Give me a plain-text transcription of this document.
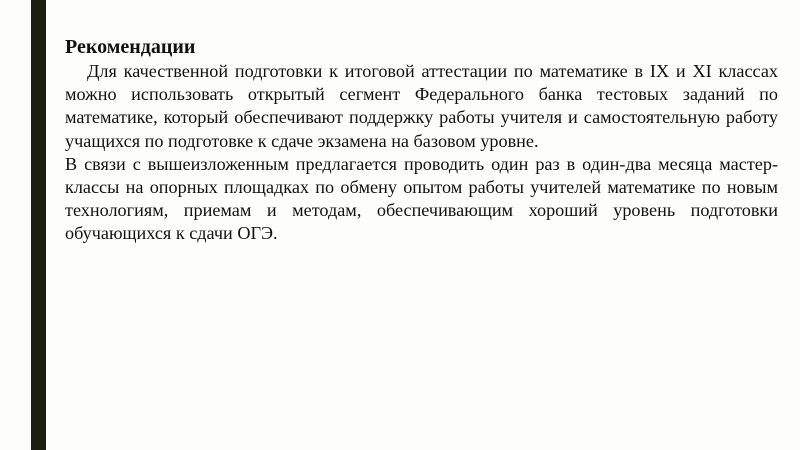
Рекомендации

Для качественной подготовки к итоговой аттестации по математике в IX и XI классах можно использовать открытый сегмент Федерального банка тестовых заданий по математике, который обеспечивают поддержку работы учителя и самостоятельную работу учащихся по подготовке к сдаче экзамена на базовом уровне.

В связи с вышеизложенным предлагается проводить один раз в один-два месяца мастер-классы на опорных площадках по обмену опытом работы учителей математике по новым технологиям, приемам и методам, обеспечивающим хороший уровень подготовки обучающихся к сдачи ОГЭ.
